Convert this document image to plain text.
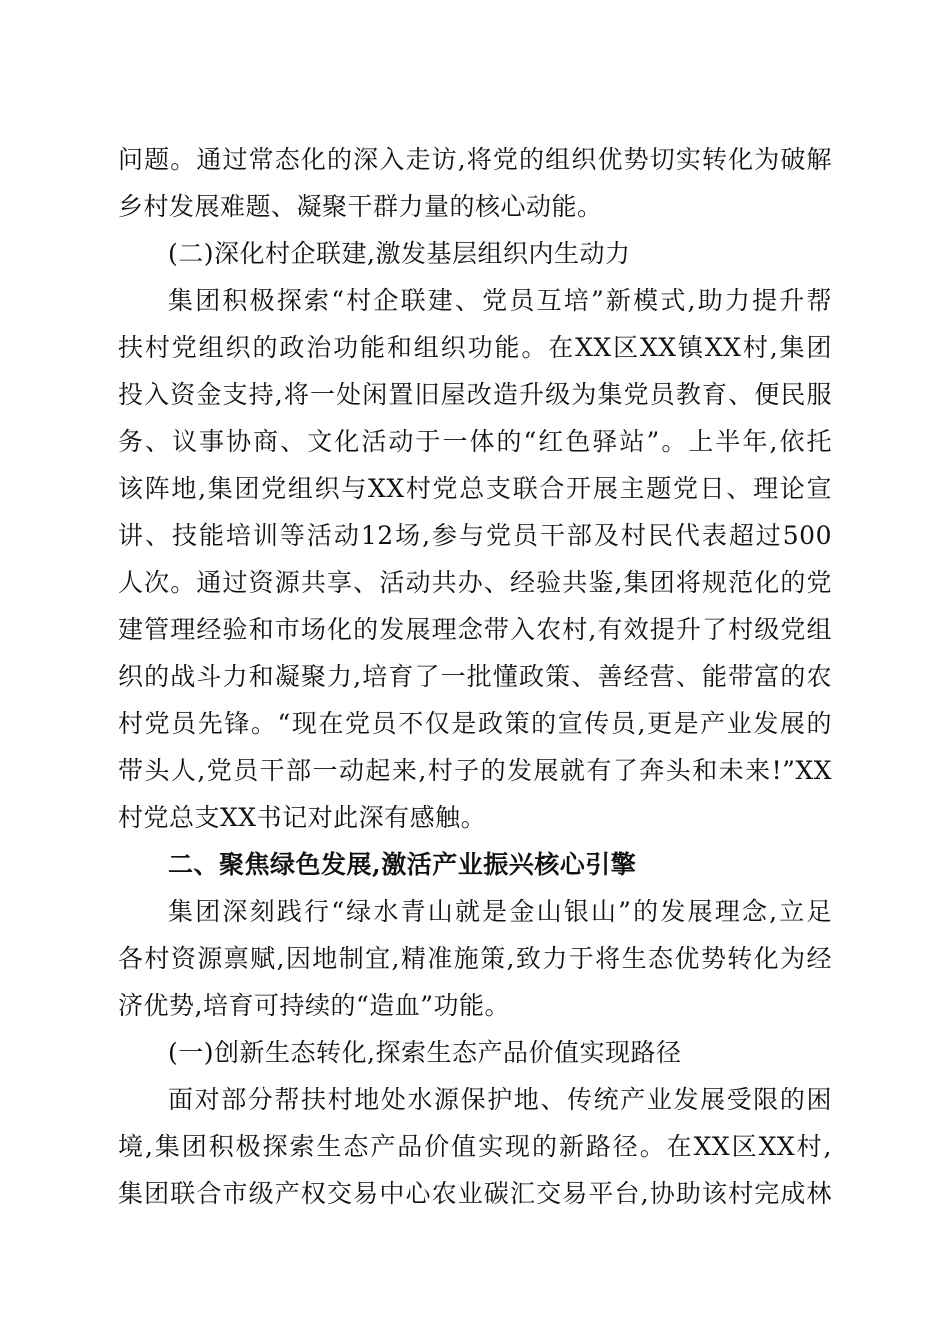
问题。通过常态化的深入走访,将党的组织优势切实转化为破解
乡村发展难题、凝聚干群力量的核心动能。
(二)深化村企联建,激发基层组织内生动力
集团积极探索“村企联建、党员互培”新模式,助力提升帮
扶村党组织的政治功能和组织功能。在XX区XX镇XX村,集团
投入资金支持,将一处闲置旧屋改造升级为集党员教育、便民服
务、议事协商、文化活动于一体的“红色驿站”。上半年,依托
该阵地,集团党组织与XX村党总支联合开展主题党日、理论宣
讲、技能培训等活动12场,参与党员干部及村民代表超过500
人次。通过资源共享、活动共办、经验共鉴,集团将规范化的党
建管理经验和市场化的发展理念带入农村,有效提升了村级党组
织的战斗力和凝聚力,培育了一批懂政策、善经营、能带富的农
村党员先锋。“现在党员不仅是政策的宣传员,更是产业发展的
带头人,党员干部一动起来,村子的发展就有了奔头和未来!”XX
村党总支XX书记对此深有感触。
二、聚焦绿色发展,激活产业振兴核心引擎
集团深刻践行“绿水青山就是金山银山”的发展理念,立足
各村资源禀赋,因地制宜,精准施策,致力于将生态优势转化为经
济优势,培育可持续的“造血”功能。
(一)创新生态转化,探索生态产品价值实现路径
面对部分帮扶村地处水源保护地、传统产业发展受限的困
境,集团积极探索生态产品价值实现的新路径。在XX区XX村,
集团联合市级产权交易中心农业碳汇交易平台,协助该村完成林
